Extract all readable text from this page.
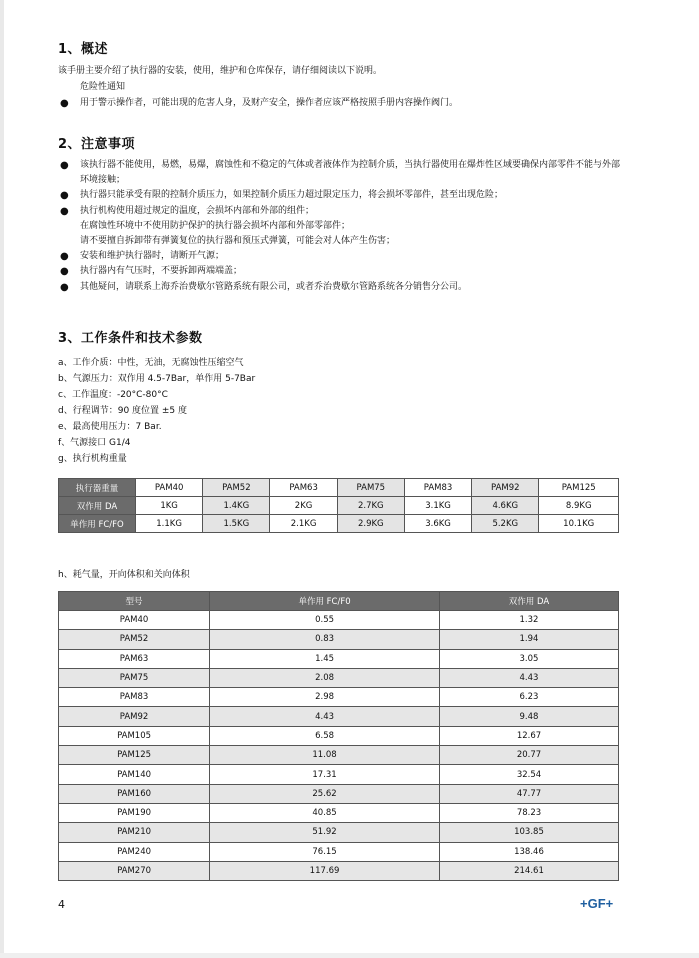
1、概述
该手册主要介绍了执行器的安装，使用，维护和仓库保存，请仔细阅读以下说明。
危险性通知
● 用于警示操作者，可能出现的危害人身，及财产安全，操作者应该严格按照手册内容操作阀门。
2、注意事项
● 该执行器不能使用，易燃，易爆，腐蚀性和不稳定的气体或者液体作为控制介质，当执行器使用在爆炸性区域要确保内部零件不能与外部环境接触；
● 执行器只能承受有限的控制介质压力，如果控制介质压力超过限定压力，将会损坏零部件，甚至出现危险；
● 执行机构使用超过规定的温度，会损坏内部和外部的组件；
在腐蚀性环境中不使用防护保护的执行器会损坏内部和外部零部件；
请不要擅自拆卸带有弹簧复位的执行器和预压式弹簧，可能会对人体产生伤害；
● 安装和维护执行器时，请断开气源；
● 执行器内有气压时，不要拆卸两端端盖；
● 其他疑问，请联系上海乔治费歇尔管路系统有限公司，或者乔治费歇尔管路系统各分销售分公司。
3、工作条件和技术参数
a、工作介质：中性，无油，无腐蚀性压缩空气
b、气源压力：双作用 4.5-7Bar，单作用 5-7Bar
c、工作温度：-20°C-80°C
d、行程调节：90 度位置 ±5 度
e、最高使用压力：7 Bar.
f、气源接口 G1/4
g、执行机构重量
执行器重量	PAM40	PAM52	PAM63	PAM75	PAM83	PAM92	PAM125
双作用 DA	1KG	1.4KG	2KG	2.7KG	3.1KG	4.6KG	8.9KG
单作用 FC/FO	1.1KG	1.5KG	2.1KG	2.9KG	3.6KG	5.2KG	10.1KG
h、耗气量，开向体积和关向体积
型号	单作用 FC/F0	双作用 DA
PAM40	0.55	1.32
PAM52	0.83	1.94
PAM63	1.45	3.05
PAM75	2.08	4.43
PAM83	2.98	6.23
PAM92	4.43	9.48
PAM105	6.58	12.67
PAM125	11.08	20.77
PAM140	17.31	32.54
PAM160	25.62	47.77
PAM190	40.85	78.23
PAM210	51.92	103.85
PAM240	76.15	138.46
PAM270	117.69	214.61
4	+GF+
